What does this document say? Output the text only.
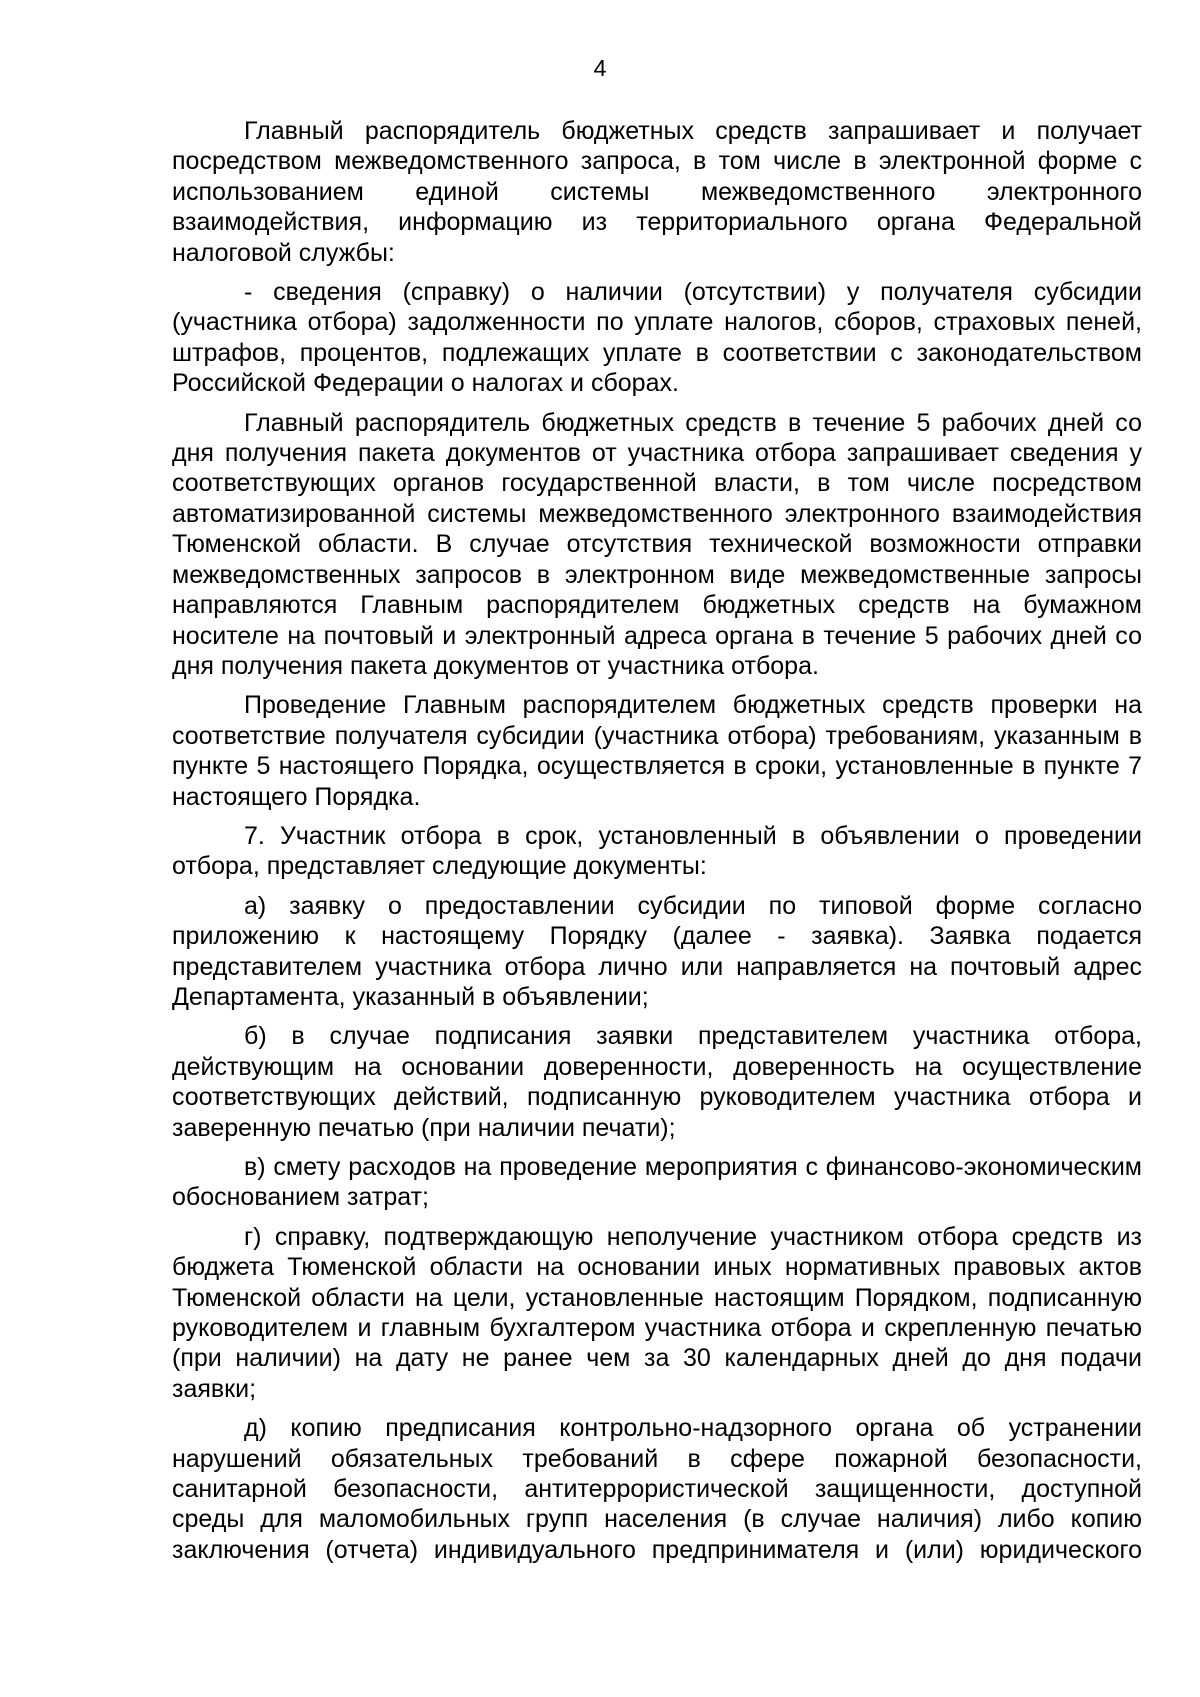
4

Главный распорядитель бюджетных средств запрашивает и получает посредством межведомственного запроса, в том числе в электронной форме с использованием единой системы межведомственного электронного взаимодействия, информацию из территориального органа Федеральной налоговой службы:

- сведения (справку) о наличии (отсутствии) у получателя субсидии (участника отбора) задолженности по уплате налогов, сборов, страховых пеней, штрафов, процентов, подлежащих уплате в соответствии с законодательством Российской Федерации о налогах и сборах.

Главный распорядитель бюджетных средств в течение 5 рабочих дней со дня получения пакета документов от участника отбора запрашивает сведения у соответствующих органов государственной власти, в том числе посредством автоматизированной системы межведомственного электронного взаимодействия Тюменской области. В случае отсутствия технической возможности отправки межведомственных запросов в электронном виде межведомственные запросы направляются Главным распорядителем бюджетных средств на бумажном носителе на почтовый и электронный адреса органа в течение 5 рабочих дней со дня получения пакета документов от участника отбора.

Проведение Главным распорядителем бюджетных средств проверки на соответствие получателя субсидии (участника отбора) требованиям, указанным в пункте 5 настоящего Порядка, осуществляется в сроки, установленные в пункте 7 настоящего Порядка.

7. Участник отбора в срок, установленный в объявлении о проведении отбора, представляет следующие документы:

а) заявку о предоставлении субсидии по типовой форме согласно приложению к настоящему Порядку (далее - заявка). Заявка подается представителем участника отбора лично или направляется на почтовый адрес Департамента, указанный в объявлении;

б) в случае подписания заявки представителем участника отбора, действующим на основании доверенности, доверенность на осуществление соответствующих действий, подписанную руководителем участника отбора и заверенную печатью (при наличии печати);

в) смету расходов на проведение мероприятия с финансово-экономическим обоснованием затрат;

г) справку, подтверждающую неполучение участником отбора средств из бюджета Тюменской области на основании иных нормативных правовых актов Тюменской области на цели, установленные настоящим Порядком, подписанную руководителем и главным бухгалтером участника отбора и скрепленную печатью (при наличии) на дату не ранее чем за 30 календарных дней до дня подачи заявки;

д) копию предписания контрольно-надзорного органа об устранении нарушений обязательных требований в сфере пожарной безопасности, санитарной безопасности, антитеррористической защищенности, доступной среды для маломобильных групп населения (в случае наличия) либо копию заключения (отчета) индивидуального предпринимателя и (или) юридического
